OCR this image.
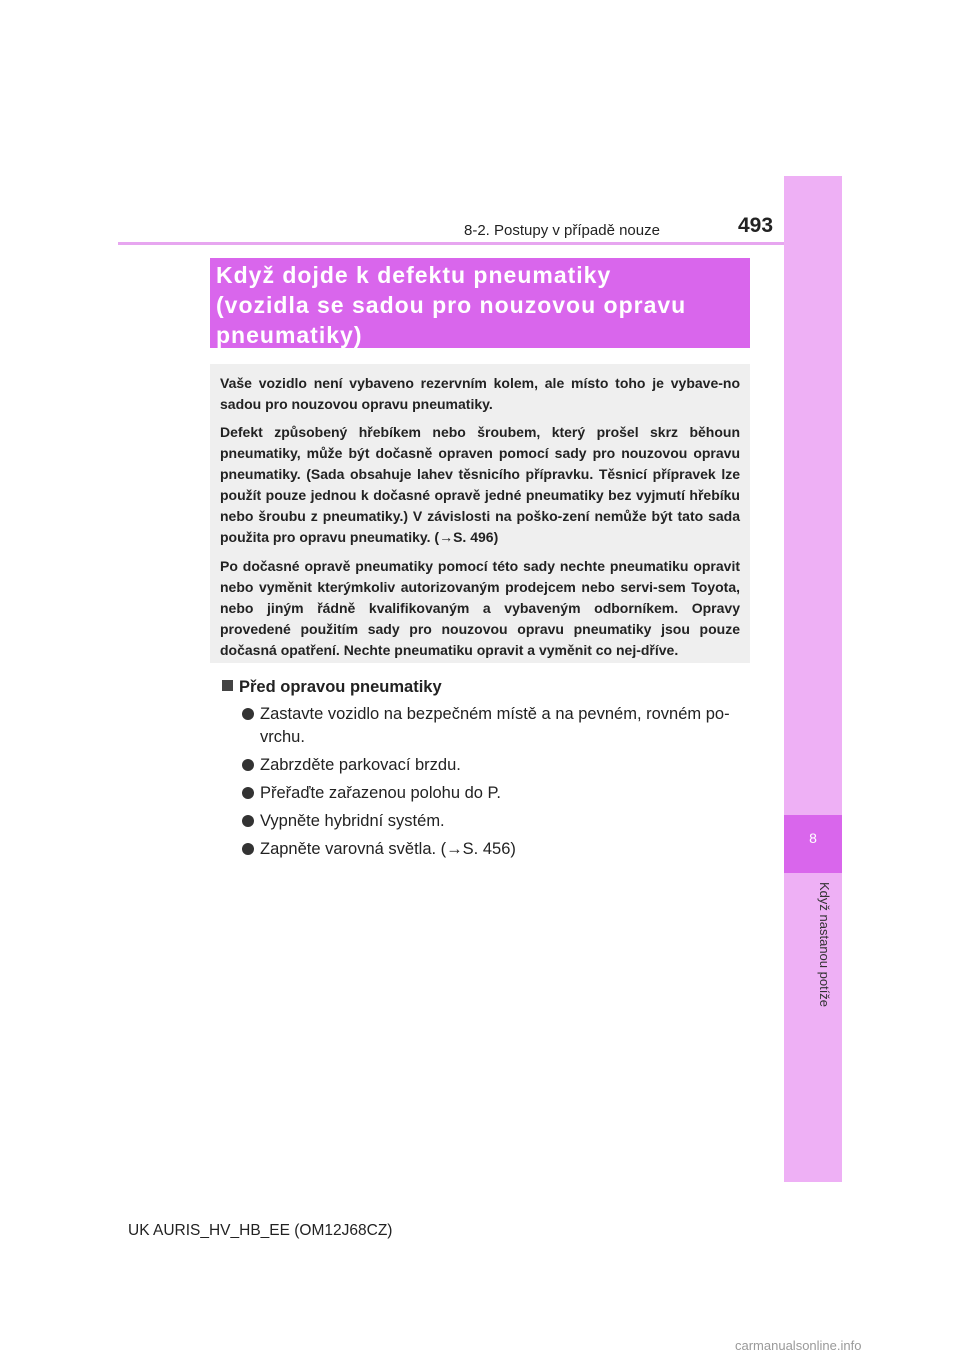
8-2. Postupy v případě nouze	493
8
Když nastanou potíže
Když dojde k defektu pneumatiky
(vozidla se sadou pro nouzovou opravu
pneumatiky)

Vaše vozidlo není vybaveno rezervním kolem, ale místo toho je vybave-no sadou pro nouzovou opravu pneumatiky.

Defekt způsobený hřebíkem nebo šroubem, který prošel skrz běhoun pneumatiky, může být dočasně opraven pomocí sady pro nouzovou opravu pneumatiky. (Sada obsahuje lahev těsnicího přípravku. Těsnicí přípravek lze použít pouze jednou k dočasné opravě jedné pneumatiky bez vyjmutí hřebíku nebo šroubu z pneumatiky.) V závislosti na poško-zení nemůže být tato sada použita pro opravu pneumatiky. (→S. 496)

Po dočasné opravě pneumatiky pomocí této sady nechte pneumatiku opravit nebo vyměnit kterýmkoliv autorizovaným prodejcem nebo servi-sem Toyota, nebo jiným řádně kvalifikovaným a vybaveným odborníkem. Opravy provedené použitím sady pro nouzovou opravu pneumatiky jsou pouze dočasná opatření. Nechte pneumatiku opravit a vyměnit co nej-dříve.

Před opravou pneumatiky
Zastavte vozidlo na bezpečném místě a na pevném, rovném po-vrchu.
Zabrzděte parkovací brzdu.
Přeřaďte zařazenou polohu do P.
Vypněte hybridní systém.
Zapněte varovná světla. (→S. 456)
UK AURIS_HV_HB_EE (OM12J68CZ)
carmanualsonline.info
